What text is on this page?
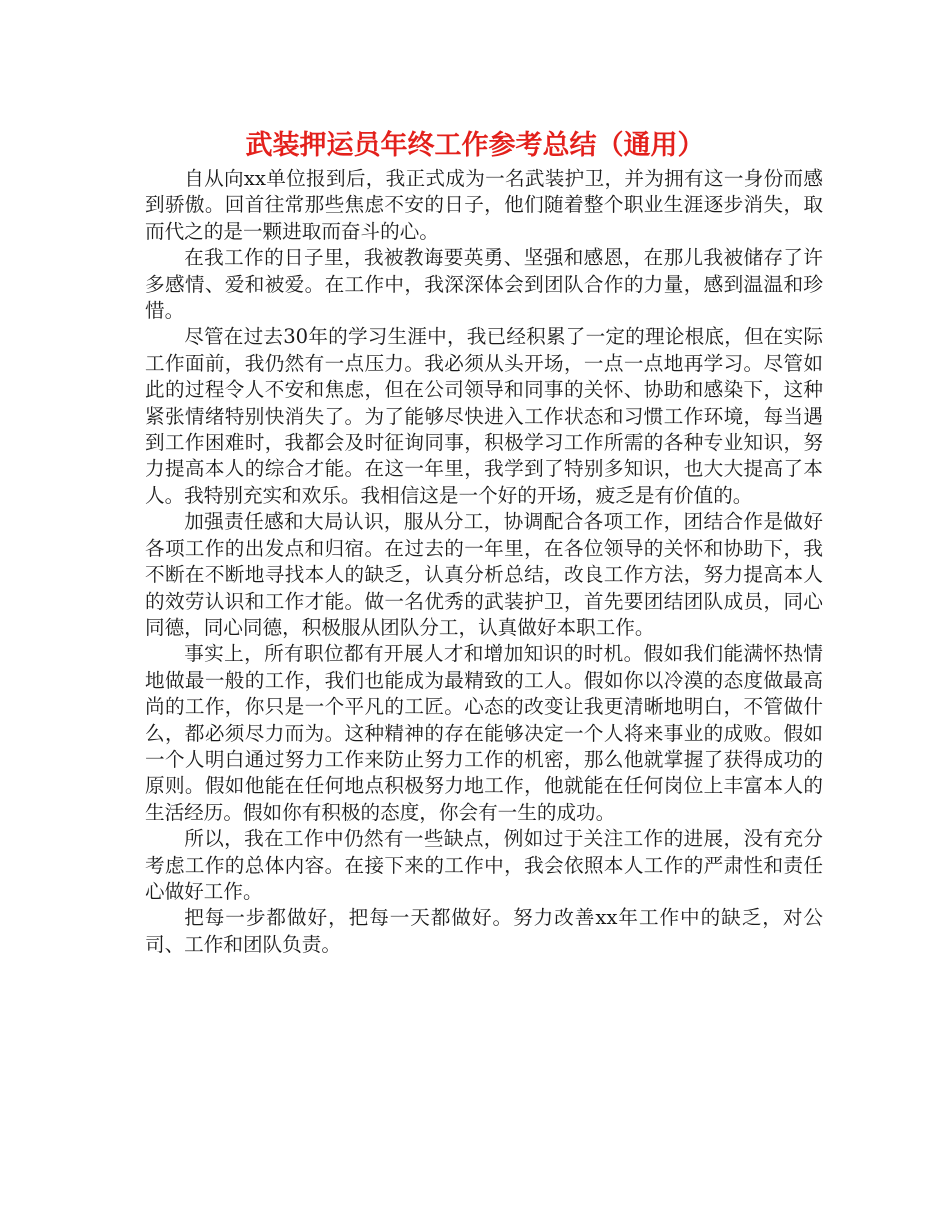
武装押运员年终工作参考总结（通用）

自从向xx单位报到后，我正式成为一名武装护卫，并为拥有这一身份而感到骄傲。回首往常那些焦虑不安的日子，他们随着整个职业生涯逐步消失，取而代之的是一颗进取而奋斗的心。

在我工作的日子里，我被教诲要英勇、坚强和感恩，在那儿我被储存了许多感情、爱和被爱。在工作中，我深深体会到团队合作的力量，感到温温和珍惜。

尽管在过去30年的学习生涯中，我已经积累了一定的理论根底，但在实际工作面前，我仍然有一点压力。我必须从头开场，一点一点地再学习。尽管如此的过程令人不安和焦虑，但在公司领导和同事的关怀、协助和感染下，这种紧张情绪特别快消失了。为了能够尽快进入工作状态和习惯工作环境，每当遇到工作困难时，我都会及时征询同事，积极学习工作所需的各种专业知识，努力提高本人的综合才能。在这一年里，我学到了特别多知识，也大大提高了本人。我特别充实和欢乐。我相信这是一个好的开场，疲乏是有价值的。

加强责任感和大局认识，服从分工，协调配合各项工作，团结合作是做好各项工作的出发点和归宿。在过去的一年里，在各位领导的关怀和协助下，我不断在不断地寻找本人的缺乏，认真分析总结，改良工作方法，努力提高本人的效劳认识和工作才能。做一名优秀的武装护卫，首先要团结团队成员，同心同德，同心同德，积极服从团队分工，认真做好本职工作。

事实上，所有职位都有开展人才和增加知识的时机。假如我们能满怀热情地做最一般的工作，我们也能成为最精致的工人。假如你以冷漠的态度做最高尚的工作，你只是一个平凡的工匠。心态的改变让我更清晰地明白，不管做什么，都必须尽力而为。这种精神的存在能够决定一个人将来事业的成败。假如一个人明白通过努力工作来防止努力工作的机密，那么他就掌握了获得成功的原则。假如他能在任何地点积极努力地工作，他就能在任何岗位上丰富本人的生活经历。假如你有积极的态度，你会有一生的成功。

所以，我在工作中仍然有一些缺点，例如过于关注工作的进展，没有充分考虑工作的总体内容。在接下来的工作中，我会依照本人工作的严肃性和责任心做好工作。

把每一步都做好，把每一天都做好。努力改善xx年工作中的缺乏，对公司、工作和团队负责。
